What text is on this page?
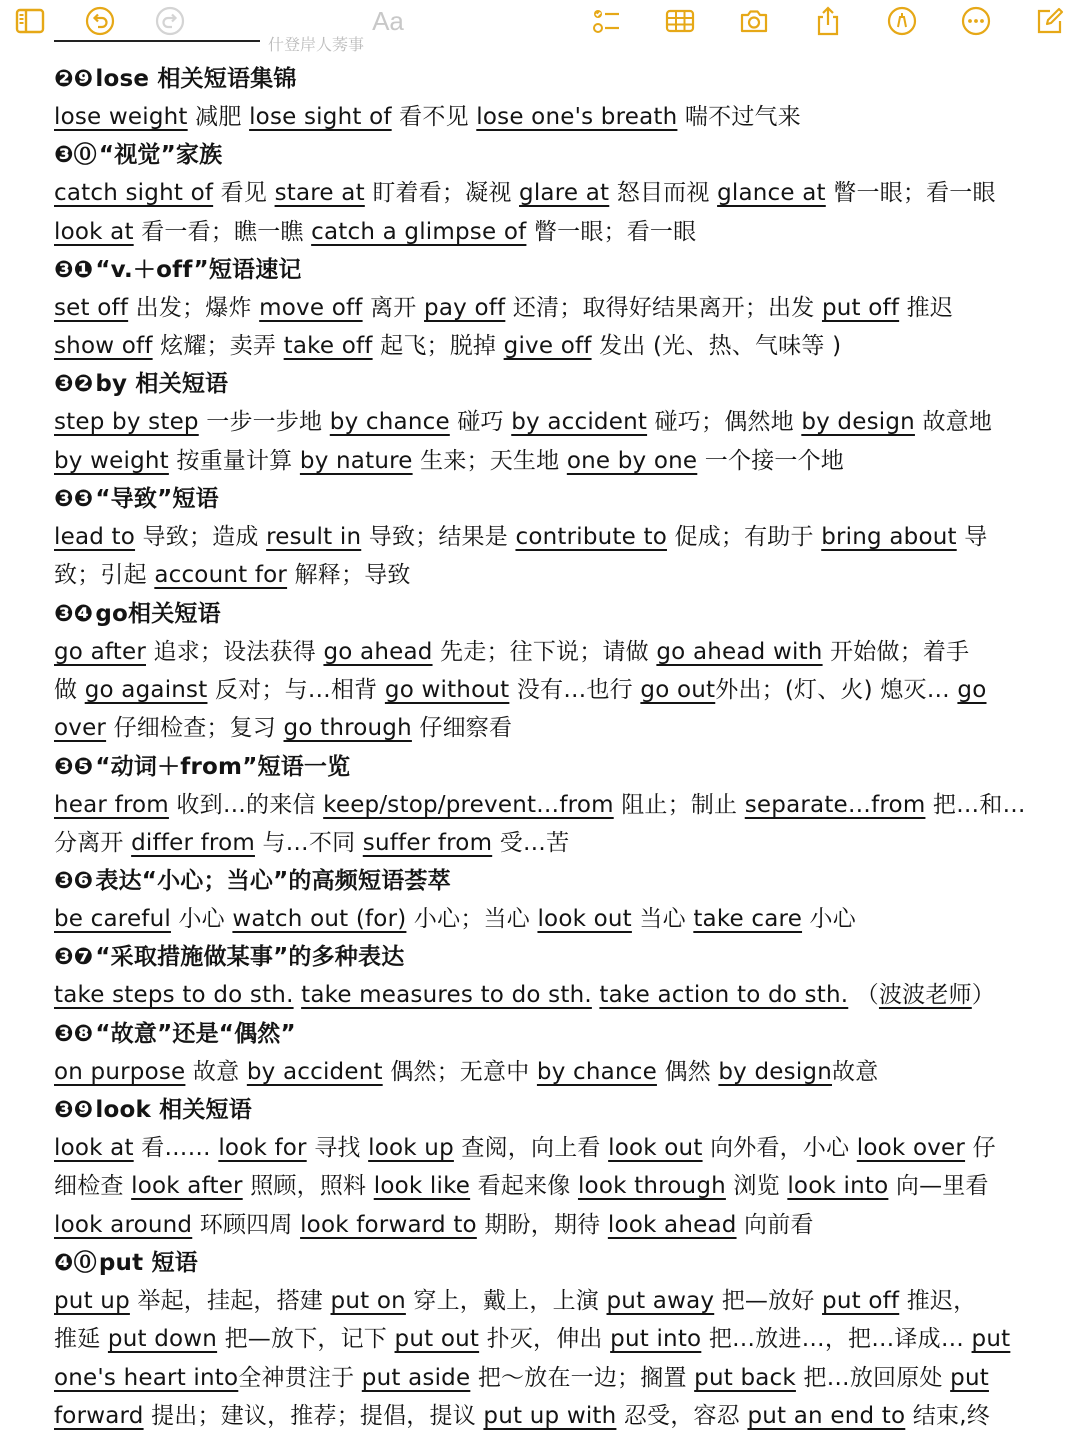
Aa
什登岸人莠事
❷❾lose 相关短语集锦
lose weight 减肥 lose sight of 看不见 lose one's breath 喘不过气来
❸⓪“视觉”家族
catch sight of 看见 stare at 盯着看；凝视 glare at 怒目而视 glance at 瞥一眼；看一眼
look at 看一看；瞧一瞧 catch a glimpse of 瞥一眼；看一眼
❸❶“v.＋off”短语速记
set off 出发；爆炸 move off 离开 pay off 还清；取得好结果离开；出发 put off 推迟
show off 炫耀；卖弄 take off 起飞；脱掉 give off 发出 (光、热、气味等 )
❸❷by 相关短语
step by step 一步一步地 by chance 碰巧 by accident 碰巧；偶然地 by design 故意地
by weight 按重量计算 by nature 生来；天生地 one by one 一个接一个地
❸❸“导致”短语
lead to 导致；造成 result in 导致；结果是 contribute to 促成；有助于 bring about 导
致；引起 account for 解释；导致
❸❹go相关短语
go after 追求；设法获得 go ahead 先走；往下说；请做 go ahead with 开始做；着手
做 go against 反对；与…相背 go without 没有…也行 go out外出；(灯、火) 熄灭… go
over 仔细检查；复习 go through 仔细察看
❸❺“动词＋from”短语一览
hear from 收到…的来信 keep/stop/prevent…from 阻止；制止 separate…from 把…和…
分离开 differ from 与…不同 suffer from 受…苦
❸❻表达“小心；当心”的高频短语荟萃
be careful 小心 watch out (for) 小心；当心 look out 当心 take care 小心
❸❼“采取措施做某事”的多种表达
take steps to do sth. take measures to do sth. take action to do sth. （波波老师）
❸❽“故意”还是“偶然”
on purpose 故意 by accident 偶然；无意中 by chance 偶然 by design故意
❸❾look 相关短语
look at 看…… look for 寻找 look up 查阅，向上看 look out 向外看，小心 look over 仔
细检查 look after 照顾，照料 look like 看起来像 look through 浏览 look into 向—里看
look around 环顾四周 look forward to 期盼，期待 look ahead 向前看
❹⓪put 短语
put up 举起，挂起，搭建 put on 穿上，戴上，上演 put away 把—放好 put off 推迟，
推延 put down 把—放下，记下 put out 扑灭，伸出 put into 把…放进…，把…译成… put
one's heart into全神贯注于 put aside 把～放在一边；搁置 put back 把…放回原处 put
forward 提出；建议，推荐；提倡，提议 put up with 忍受，容忍 put an end to 结束,终
